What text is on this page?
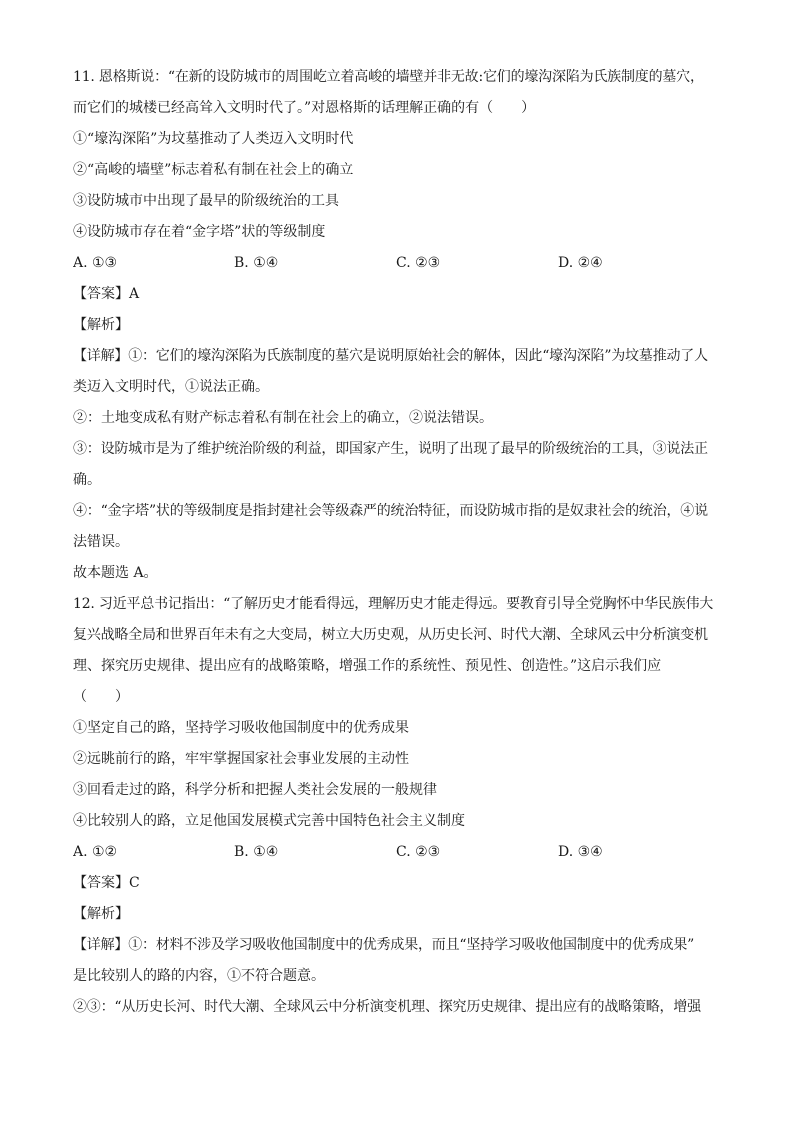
11. 恩格斯说：“在新的设防城市的周围屹立着高峻的墙壁并非无故:它们的壕沟深陷为氏族制度的墓穴，
而它们的城楼已经高耸入文明时代了。”对恩格斯的话理解正确的有（　　）
①“壕沟深陷”为坟墓推动了人类迈入文明时代
②“高峻的墙壁”标志着私有制在社会上的确立
③设防城市中出现了最早的阶级统治的工具
④设防城市存在着“金字塔”状的等级制度
A. ①③	B. ①④	C. ②③	D. ②④
【答案】A
【解析】
【详解】①：它们的壕沟深陷为氏族制度的墓穴是说明原始社会的解体，因此“壕沟深陷”为坟墓推动了人
类迈入文明时代，①说法正确。
②：土地变成私有财产标志着私有制在社会上的确立，②说法错误。
③：设防城市是为了维护统治阶级的利益，即国家产生，说明了出现了最早的阶级统治的工具，③说法正
确。
④：“金字塔”状的等级制度是指封建社会等级森严的统治特征，而设防城市指的是奴隶社会的统治，④说
法错误。
故本题选 A。
12. 习近平总书记指出：“了解历史才能看得远，理解历史才能走得远。要教育引导全党胸怀中华民族伟大
复兴战略全局和世界百年未有之大变局，树立大历史观，从历史长河、时代大潮、全球风云中分析演变机
理、探究历史规律、提出应有的战略策略，增强工作的系统性、预见性、创造性。”这启示我们应
（　　）
①坚定自己的路，坚持学习吸收他国制度中的优秀成果
②远眺前行的路，牢牢掌握国家社会事业发展的主动性
③回看走过的路，科学分析和把握人类社会发展的一般规律
④比较别人的路，立足他国发展模式完善中国特色社会主义制度
A. ①②	B. ①④	C. ②③	D. ③④
【答案】C
【解析】
【详解】①：材料不涉及学习吸收他国制度中的优秀成果，而且“坚持学习吸收他国制度中的优秀成果”
是比较别人的路的内容，①不符合题意。
②③：“从历史长河、时代大潮、全球风云中分析演变机理、探究历史规律、提出应有的战略策略，增强
